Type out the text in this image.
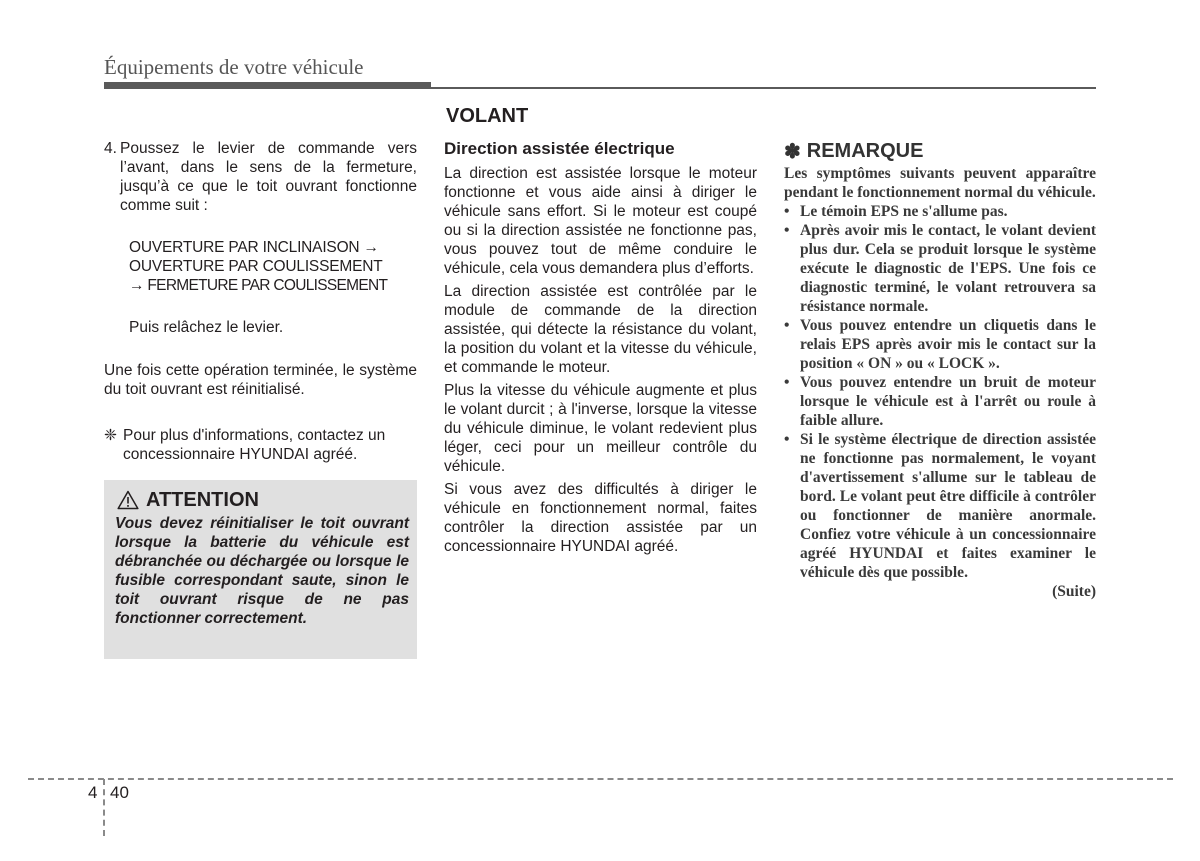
Équipements de votre véhicule
4. Poussez le levier de commande vers l’avant, dans le sens de la fermeture, jusqu’à ce que le toit ouvrant fonctionne comme suit :
OUVERTURE PAR INCLINAISON →
OUVERTURE PAR COULISSEMENT
→ FERMETURE PAR COULISSEMENT
Puis relâchez le levier.
Une fois cette opération terminée, le système du toit ouvrant est réinitialisé.
❈ Pour plus d'informations, contactez un concessionnaire HYUNDAI agréé.
ATTENTION
Vous devez réinitialiser le toit ouvrant lorsque la batterie du véhicule est débranchée ou déchargée ou lorsque le fusible correspondant saute, sinon le toit ouvrant risque de ne pas fonctionner correctement.
VOLANT
Direction assistée électrique

La direction est assistée lorsque le moteur fonctionne et vous aide ainsi à diriger le véhicule sans effort. Si le moteur est coupé ou si la direction assistée ne fonctionne pas, vous pouvez tout de même conduire le véhicule, cela vous demandera plus d’efforts.

La direction assistée est contrôlée par le module de commande de la direction assistée, qui détecte la résistance du volant, la position du volant et la vitesse du véhicule, et commande le moteur.

Plus la vitesse du véhicule augmente et plus le volant durcit ; à l'inverse, lorsque la vitesse du véhicule diminue, le volant redevient plus léger, ceci pour un meilleur contrôle du véhicule.

Si vous avez des difficultés à diriger le véhicule en fonctionnement normal, faites contrôler la direction assistée par un concessionnaire HYUNDAI agréé.

✽ REMARQUE
Les symptômes suivants peuvent apparaître pendant le fonctionnement normal du véhicule.
• Le témoin EPS ne s'allume pas.
• Après avoir mis le contact, le volant devient plus dur. Cela se produit lorsque le système exécute le diagnostic de l'EPS. Une fois ce diagnostic terminé, le volant retrouvera sa résistance normale.
• Vous pouvez entendre un cliquetis dans le relais EPS après avoir mis le contact sur la position « ON » ou « LOCK ».
• Vous pouvez entendre un bruit de moteur lorsque le véhicule est à l'arrêt ou roule à faible allure.
• Si le système électrique de direction assistée ne fonctionne pas normalement, le voyant d'avertissement s'allume sur le tableau de bord. Le volant peut être difficile à contrôler ou fonctionner de manière anormale. Confiez votre véhicule à un concessionnaire agréé HYUNDAI et faites examiner le véhicule dès que possible.
(Suite)
4 40
